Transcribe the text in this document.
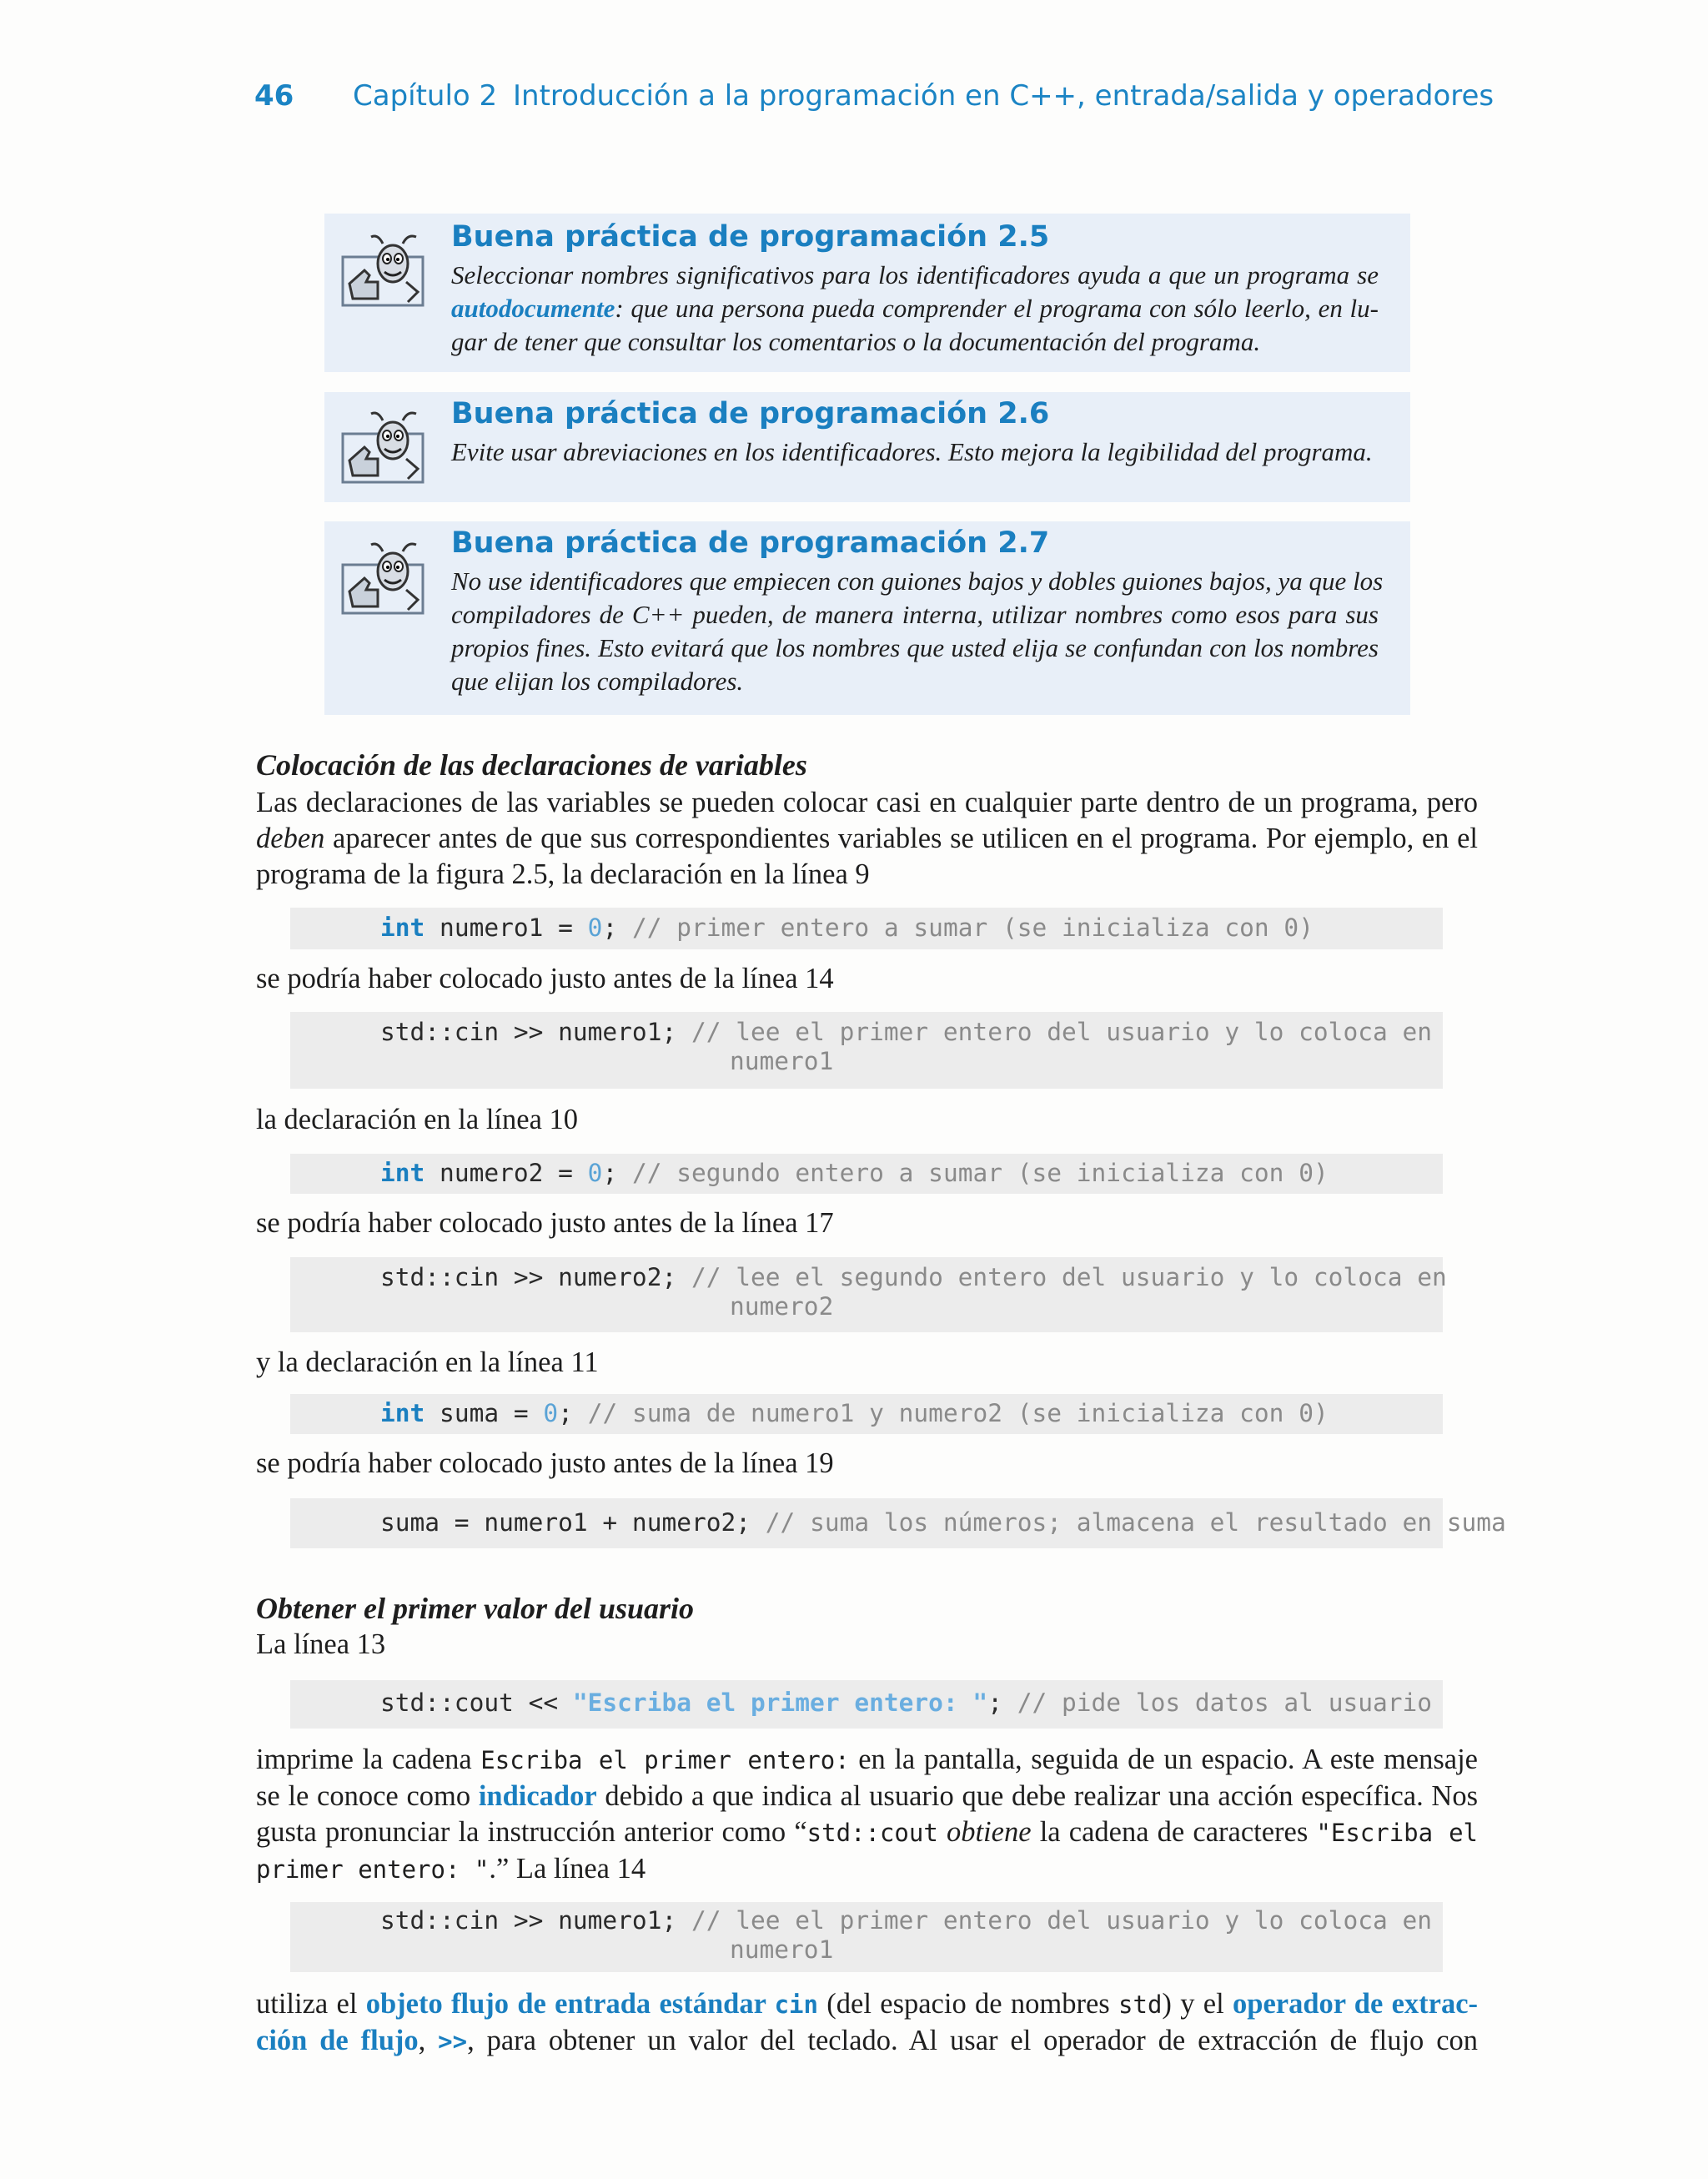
46 Capítulo 2 Introducción a la programación en C++, entrada/salida y operadores
Buena práctica de programación 2.5
Seleccionar nombres significativos para los identificadores ayuda a que un programa se
autodocumente: que una persona pueda comprender el programa con sólo leerlo, en lu-
gar de tener que consultar los comentarios o la documentación del programa.
Buena práctica de programación 2.6
Evite usar abreviaciones en los identificadores. Esto mejora la legibilidad del programa.
Buena práctica de programación 2.7
No use identificadores que empiecen con guiones bajos y dobles guiones bajos, ya que los
compiladores de C++ pueden, de manera interna, utilizar nombres como esos para sus
propios fines. Esto evitará que los nombres que usted elija se confundan con los nombres
que elijan los compiladores.
Colocación de las declaraciones de variables
Las declaraciones de las variables se pueden colocar casi en cualquier parte dentro de un programa, pero
deben aparecer antes de que sus correspondientes variables se utilicen en el programa. Por ejemplo, en el
programa de la figura 2.5, la declaración en la línea 9

int numero1 = 0; // primer entero a sumar (se inicializa con 0)

se podría haber colocado justo antes de la línea 14

std::cin >> numero1; // lee el primer entero del usuario y lo coloca en

numero1

la declaración en la línea 10

int numero2 = 0; // segundo entero a sumar (se inicializa con 0)

se podría haber colocado justo antes de la línea 17

std::cin >> numero2; // lee el segundo entero del usuario y lo coloca en

numero2

y la declaración en la línea 11

int suma = 0; // suma de numero1 y numero2 (se inicializa con 0)

se podría haber colocado justo antes de la línea 19

suma = numero1 + numero2; // suma los números; almacena el resultado en suma

Obtener el primer valor del usuario
La línea 13

std::cout << "Escriba el primer entero: "; // pide los datos al usuario

imprime la cadena Escriba el primer entero: en la pantalla, seguida de un espacio. A este mensaje
se le conoce como indicador debido a que indica al usuario que debe realizar una acción específica. Nos
gusta pronunciar la instrucción anterior como “std::cout obtiene la cadena de caracteres "Escriba el
primer entero: ".” La línea 14

std::cin >> numero1; // lee el primer entero del usuario y lo coloca en

numero1

utiliza el objeto flujo de entrada estándar cin (del espacio de nombres std) y el operador de extrac-
ción de flujo, >>, para obtener un valor del teclado. Al usar el operador de extracción de flujo con
